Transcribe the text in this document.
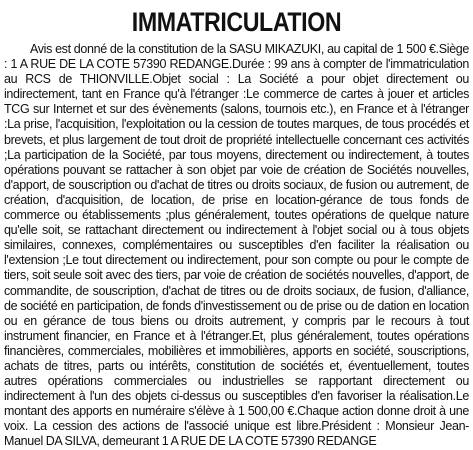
IMMATRICULATION

Avis est donné de la constitution de la SASU MIKAZUKI, au capital de 1 500 €.Siège : 1 A RUE DE LA COTE 57390 REDANGE.Durée : 99 ans à compter de l'immatriculation au RCS de THIONVILLE.Objet social : La Société a pour objet directement ou indirectement, tant en France qu'à l'étranger :Le commerce de cartes à jouer et articles TCG sur Internet et sur des évènements (salons, tournois etc.), en France et à l'étranger :La prise, l'acquisition, l'exploitation ou la cession de toutes marques, de tous procédés et brevets, et plus largement de tout droit de propriété intellectuelle concernant ces activités ;La participation de la Société, par tous moyens, directement ou indirectement, à toutes opérations pouvant se rattacher à son objet par voie de création de Sociétés nouvelles, d'apport, de souscription ou d'achat de titres ou droits sociaux, de fusion ou autrement, de création, d'acquisition, de location, de prise en location-gérance de tous fonds de commerce ou établissements ;plus généralement, toutes opérations de quelque nature qu'elle soit, se rattachant directement ou indirectement à l'objet social ou à tous objets similaires, connexes, complémentaires ou susceptibles d'en faciliter la réalisation ou l'extension ;Le tout directement ou indirectement, pour son compte ou pour le compte de tiers, soit seule soit avec des tiers, par voie de création de sociétés nouvelles, d'apport, de commandite, de souscription, d'achat de titres ou de droits sociaux, de fusion, d'alliance, de société en participation, de fonds d'investissement ou de prise ou de dation en location ou en gérance de tous biens ou droits autrement, y compris par le recours à tout instrument financier, en France et à l'étranger.Et, plus généralement, toutes opérations financières, commerciales, mobilières et immobilières, apports en société, souscriptions, achats de titres, parts ou intérêts, constitution de sociétés et, éventuellement, toutes autres opérations commerciales ou industrielles se rapportant directement ou indirectement à l'un des objets ci-dessus ou susceptibles d'en favoriser la réalisation.Le montant des apports en numéraire s'élève à 1 500,00 €.Chaque action donne droit à une voix. La cession des actions de l'associé unique est libre.Président : Monsieur Jean-Manuel DA SILVA, demeurant 1 A RUE DE LA COTE 57390 REDANGE
